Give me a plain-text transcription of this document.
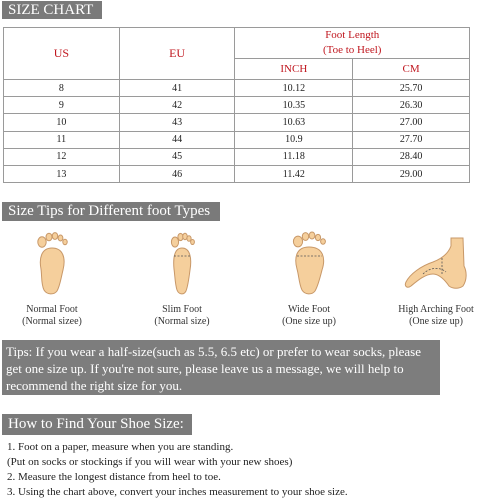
SIZE CHART
US	EU	Foot Length
(Toe to Heel)	

		INCH	CM
8	41	10.12	25.70
9	42	10.35	26.30
10	43	10.63	27.00
11	44	10.9	27.70
12	45	11.18	28.40
13	46	11.42	29.00
Size Tips for Different foot Types
Normal Foot
(Normal sizee)
Slim Foot
(Normal size)
Wide Foot
(One size up)
High Arching Foot
(One size up)
Tips: If you wear a half-size(such as 5.5, 6.5 etc) or prefer to wear socks, please
get one size up. If you're not sure, please leave us a message, we will help to
recommend the right size for you.
How to Find Your Shoe Size:
1. Foot on a paper, measure when you are standing.
(Put on socks or stockings if you will wear with your new shoes)
2. Measure the longest distance from heel to toe.
3. Using the chart above, convert your inches measurement to your shoe size.
